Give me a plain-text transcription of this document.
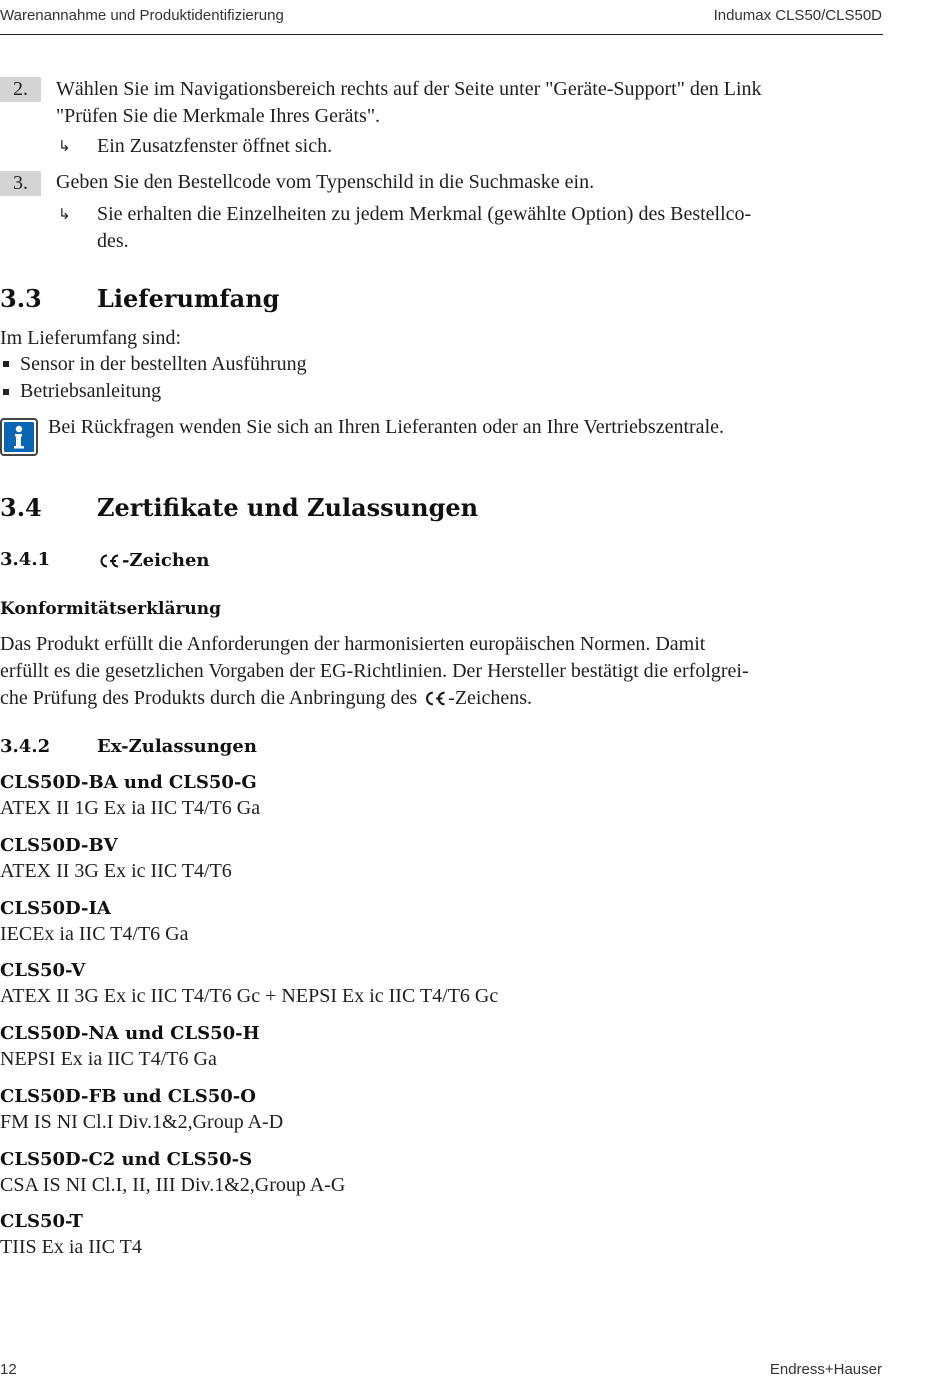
Warenannahme und Produktidentifizierung	Indumax CLS50/CLS50D
2.	Wählen Sie im Navigationsbereich rechts auf der Seite unter "Geräte-Support" den Link
"Prüfen Sie die Merkmale Ihres Geräts".
↳ Ein Zusatzfenster öffnet sich.
3.	Geben Sie den Bestellcode vom Typenschild in die Suchmaske ein.
↳ Sie erhalten die Einzelheiten zu jedem Merkmal (gewählte Option) des Bestellco-
des.
3.3 Lieferumfang
Im Lieferumfang sind:
Sensor in der bestellten Ausführung
Betriebsanleitung
Bei Rückfragen wenden Sie sich an Ihren Lieferanten oder an Ihre Vertriebszentrale.
3.4 Zertifikate und Zulassungen
3.4.1	-Zeichen
Konformitätserklärung
Das Produkt erfüllt die Anforderungen der harmonisierten europäischen Normen. Damit
erfüllt es die gesetzlichen Vorgaben der EG-Richtlinien. Der Hersteller bestätigt die erfolgrei-
che Prüfung des Produkts durch die Anbringung des -Zeichens.
3.4.2	Ex-Zulassungen
CLS50D-BA und CLS50-G
ATEX II 1G Ex ia IIC T4/T6 Ga
CLS50D-BV
ATEX II 3G Ex ic IIC T4/T6
CLS50D-IA
IECEx ia IIC T4/T6 Ga
CLS50-V
ATEX II 3G Ex ic IIC T4/T6 Gc + NEPSI Ex ic IIC T4/T6 Gc
CLS50D-NA und CLS50-H
NEPSI Ex ia IIC T4/T6 Ga
CLS50D-FB und CLS50-O
FM IS NI Cl.I Div.1&2,Group A-D
CLS50D-C2 und CLS50-S
CSA IS NI Cl.I, II, III Div.1&2,Group A-G
CLS50-T
TIIS Ex ia IIC T4
12	Endress+Hauser
